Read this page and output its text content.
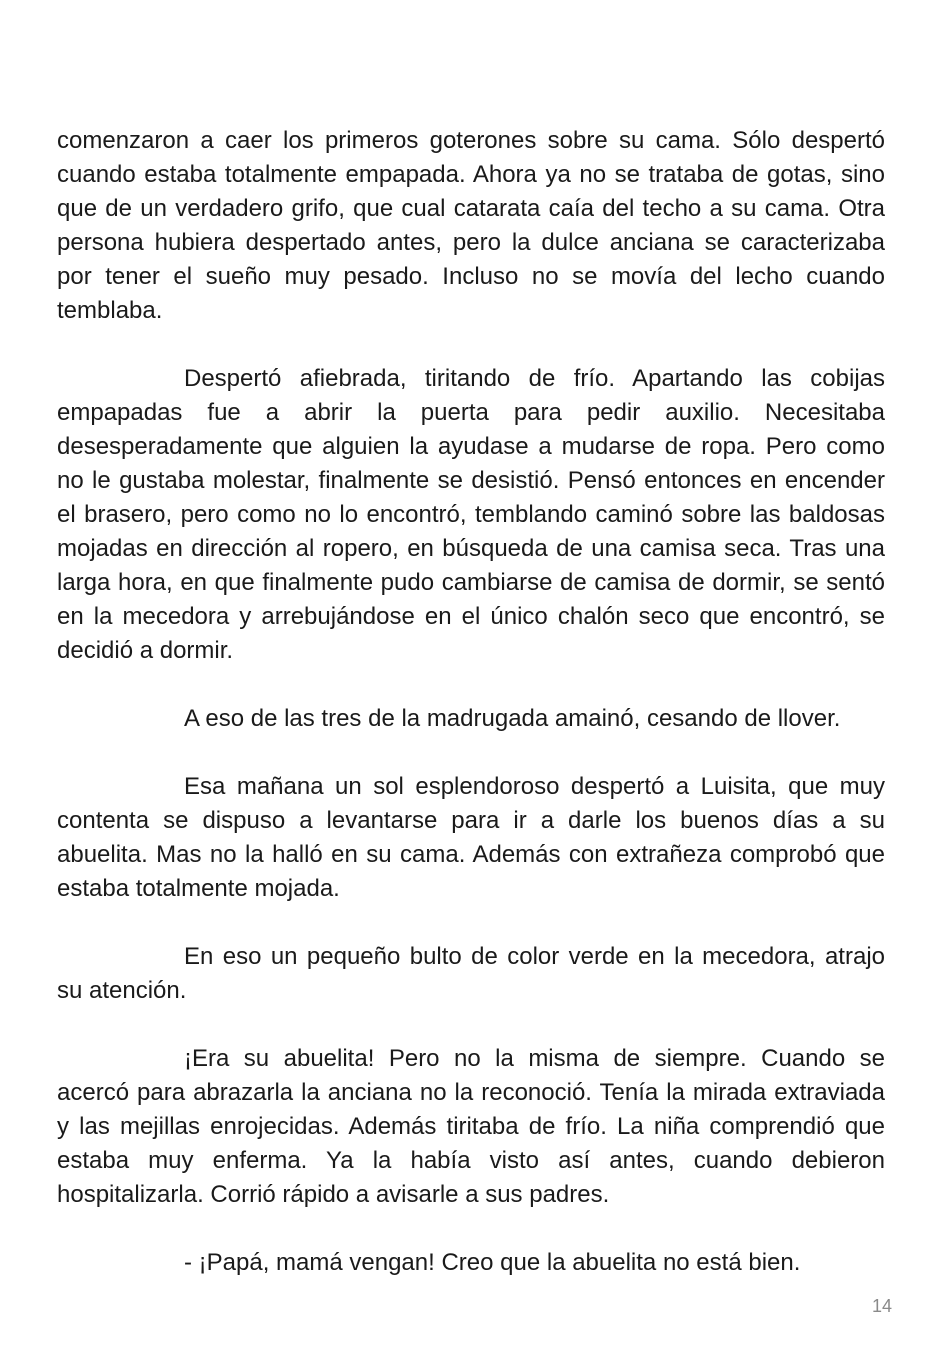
comenzaron a caer los primeros goterones sobre su cama. Sólo despertó cuando estaba totalmente empapada. Ahora ya no se trataba de gotas, sino que de un verdadero grifo, que cual catarata caía del techo a su cama. Otra persona hubiera despertado antes, pero la dulce anciana se caracterizaba por tener el sueño muy pesado. Incluso no se movía del lecho cuando temblaba.

Despertó afiebrada, tiritando de frío. Apartando las cobijas empapadas fue a abrir la puerta para pedir auxilio. Necesitaba desesperadamente que alguien la ayudase a mudarse de ropa. Pero como no le gustaba molestar, finalmente se desistió. Pensó entonces en encender el brasero, pero como no lo encontró, temblando caminó sobre las baldosas mojadas en dirección al ropero, en búsqueda de una camisa seca. Tras una larga hora, en que finalmente pudo cambiarse de camisa de dormir, se sentó en la mecedora y arrebujándose en el único chalón seco que encontró, se decidió a dormir.

A eso de las tres de la madrugada amainó, cesando de llover.

Esa mañana un sol esplendoroso despertó a Luisita, que muy contenta se dispuso a levantarse para ir a darle los buenos días a su abuelita. Mas no la halló en su cama. Además con extrañeza comprobó que estaba totalmente mojada.

En eso un pequeño bulto de color verde en la mecedora, atrajo su atención.

¡Era su abuelita! Pero no la misma de siempre. Cuando se acercó para abrazarla la anciana no la reconoció. Tenía la mirada extraviada y las mejillas enrojecidas. Además tiritaba de frío. La niña comprendió que estaba muy enferma. Ya la había visto así antes, cuando debieron hospitalizarla. Corrió rápido a avisarle a sus padres.

- ¡Papá, mamá vengan! Creo que la abuelita no está bien.

14
